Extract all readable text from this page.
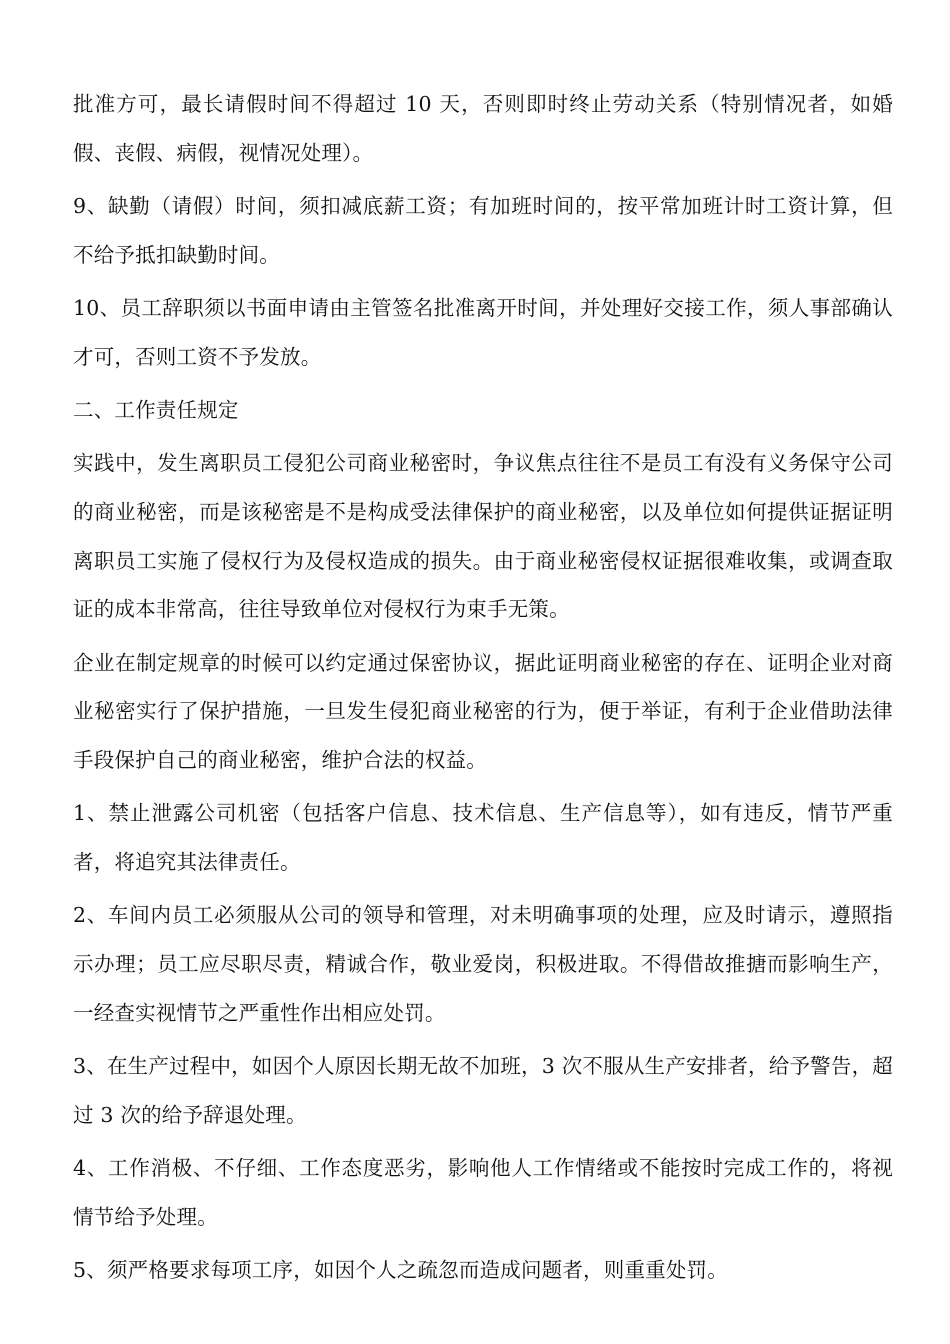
批准方可，最长请假时间不得超过 10 天，否则即时终止劳动关系（特别情况者，如婚假、丧假、病假，视情况处理）。

9、缺勤（请假）时间，须扣减底薪工资；有加班时间的，按平常加班计时工资计算，但不给予抵扣缺勤时间。

10、员工辞职须以书面申请由主管签名批准离开时间，并处理好交接工作，须人事部确认才可，否则工资不予发放。

二、工作责任规定

实践中，发生离职员工侵犯公司商业秘密时，争议焦点往往不是员工有没有义务保守公司的商业秘密，而是该秘密是不是构成受法律保护的商业秘密，以及单位如何提供证据证明离职员工实施了侵权行为及侵权造成的损失。由于商业秘密侵权证据很难收集，或调查取证的成本非常高，往往导致单位对侵权行为束手无策。

企业在制定规章的时候可以约定通过保密协议，据此证明商业秘密的存在、证明企业对商业秘密实行了保护措施，一旦发生侵犯商业秘密的行为，便于举证，有利于企业借助法律手段保护自己的商业秘密，维护合法的权益。

1、禁止泄露公司机密（包括客户信息、技术信息、生产信息等），如有违反，情节严重者，将追究其法律责任。

2、车间内员工必须服从公司的领导和管理，对未明确事项的处理，应及时请示，遵照指示办理；员工应尽职尽责，精诚合作，敬业爱岗，积极进取。不得借故推搪而影响生产，一经查实视情节之严重性作出相应处罚。

3、在生产过程中，如因个人原因长期无故不加班，3 次不服从生产安排者，给予警告，超过 3 次的给予辞退处理。

4、工作消极、不仔细、工作态度恶劣，影响他人工作情绪或不能按时完成工作的，将视情节给予处理。

5、须严格要求每项工序，如因个人之疏忽而造成问题者，则重重处罚。
